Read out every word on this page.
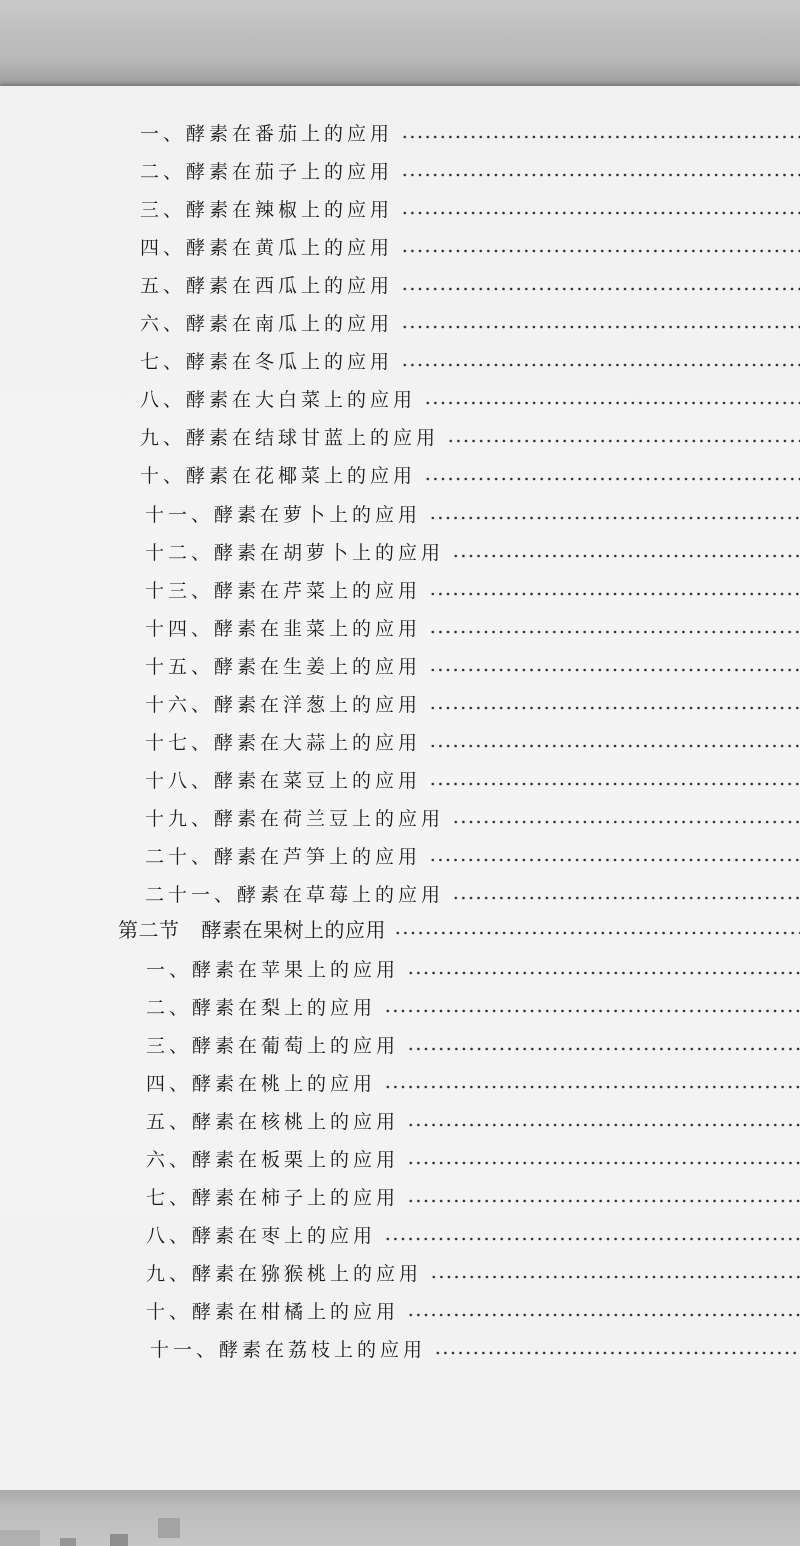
一、酵素在番茄上的应用
二、酵素在茄子上的应用
三、酵素在辣椒上的应用
四、酵素在黄瓜上的应用
五、酵素在西瓜上的应用
六、酵素在南瓜上的应用
七、酵素在冬瓜上的应用
八、酵素在大白菜上的应用
九、酵素在结球甘蓝上的应用
十、酵素在花椰菜上的应用
十一、酵素在萝卜上的应用
十二、酵素在胡萝卜上的应用
十三、酵素在芹菜上的应用
十四、酵素在韭菜上的应用
十五、酵素在生姜上的应用
十六、酵素在洋葱上的应用
十七、酵素在大蒜上的应用
十八、酵素在菜豆上的应用
十九、酵素在荷兰豆上的应用
二十、酵素在芦笋上的应用
二十一、酵素在草莓上的应用
第二节 酵素在果树上的应用
一、酵素在苹果上的应用
二、酵素在梨上的应用
三、酵素在葡萄上的应用
四、酵素在桃上的应用
五、酵素在核桃上的应用
六、酵素在板栗上的应用
七、酵素在柿子上的应用
八、酵素在枣上的应用
九、酵素在猕猴桃上的应用
十、酵素在柑橘上的应用
十一、酵素在荔枝上的应用
